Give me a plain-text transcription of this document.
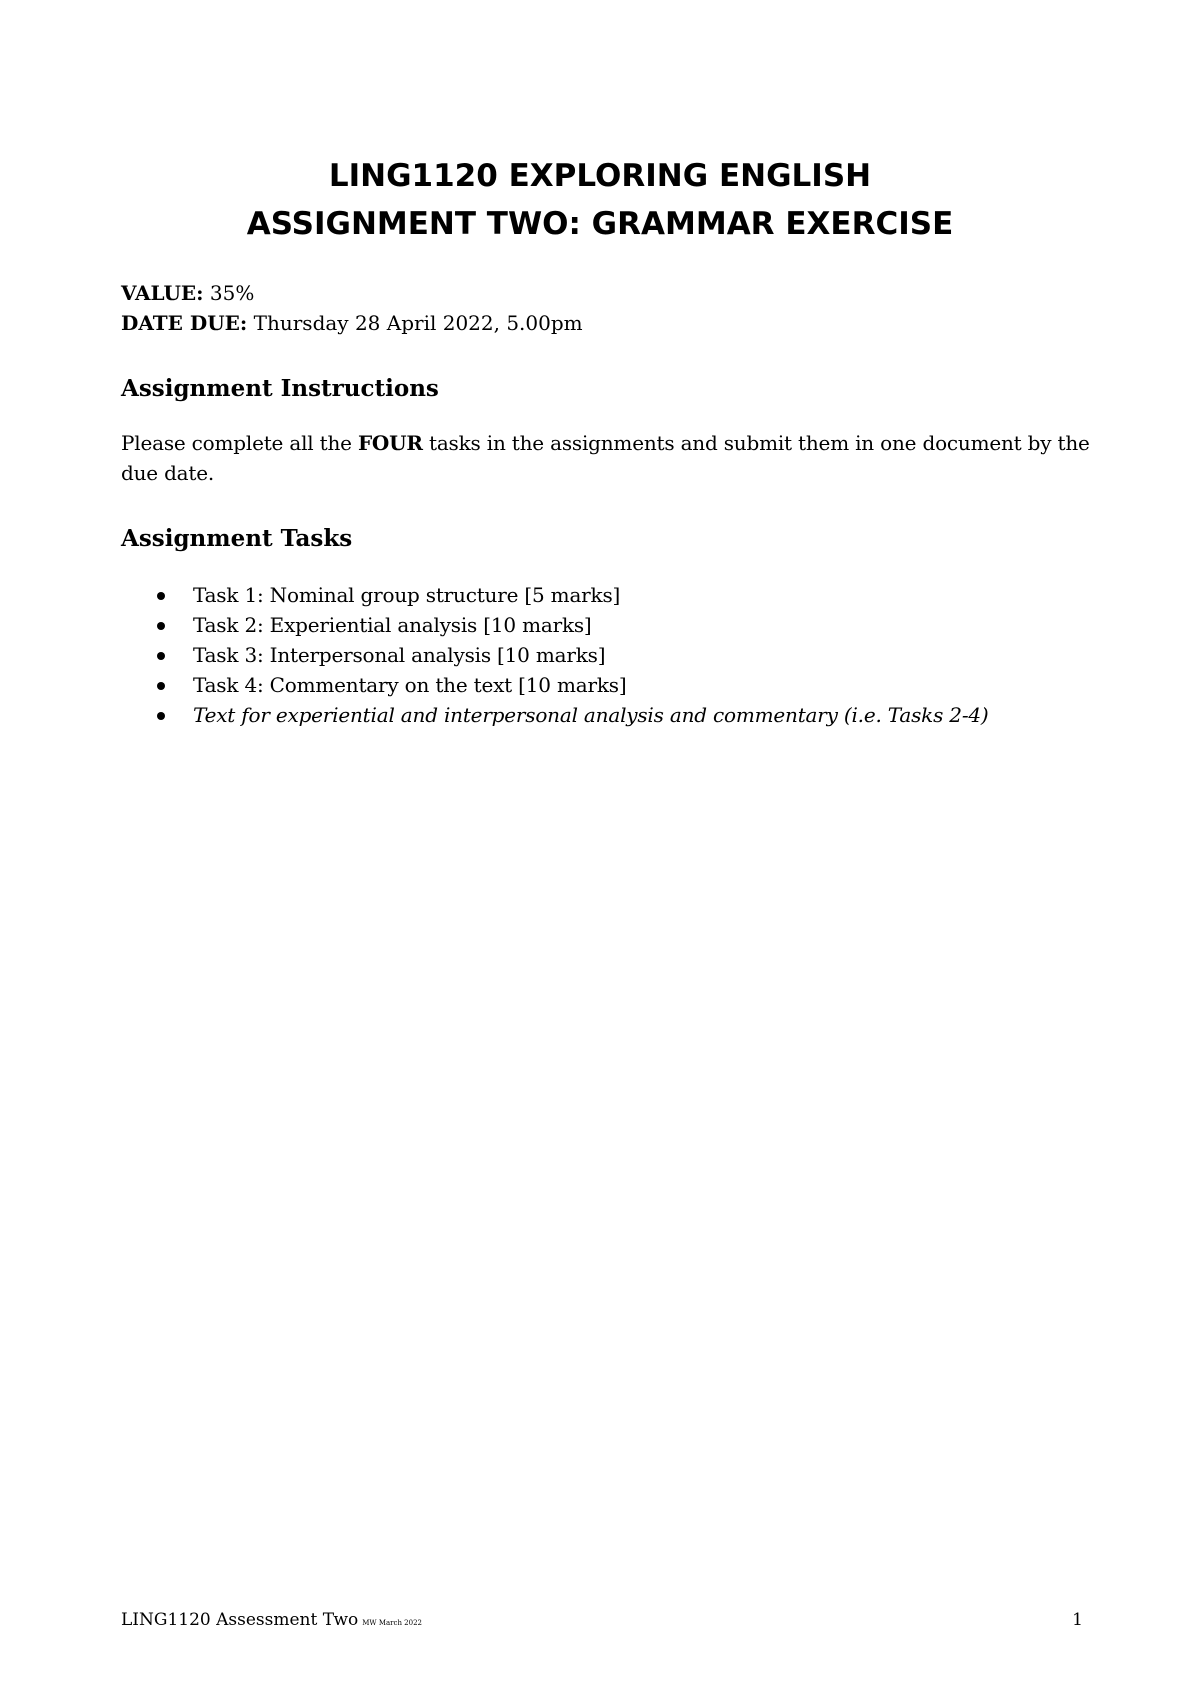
LING1120 EXPLORING ENGLISH
ASSIGNMENT TWO: GRAMMAR EXERCISE
VALUE: 35%
DATE DUE: Thursday 28 April 2022, 5.00pm
Assignment Instructions
Please complete all the FOUR tasks in the assignments and submit them in one document by the due date.
Assignment Tasks
Task 1: Nominal group structure [5 marks]
Task 2: Experiential analysis [10 marks]
Task 3: Interpersonal analysis [10 marks]
Task 4: Commentary on the text [10 marks]
Text for experiential and interpersonal analysis and commentary (i.e. Tasks 2-4)
LING1120 Assessment Two MW March 2022	1
